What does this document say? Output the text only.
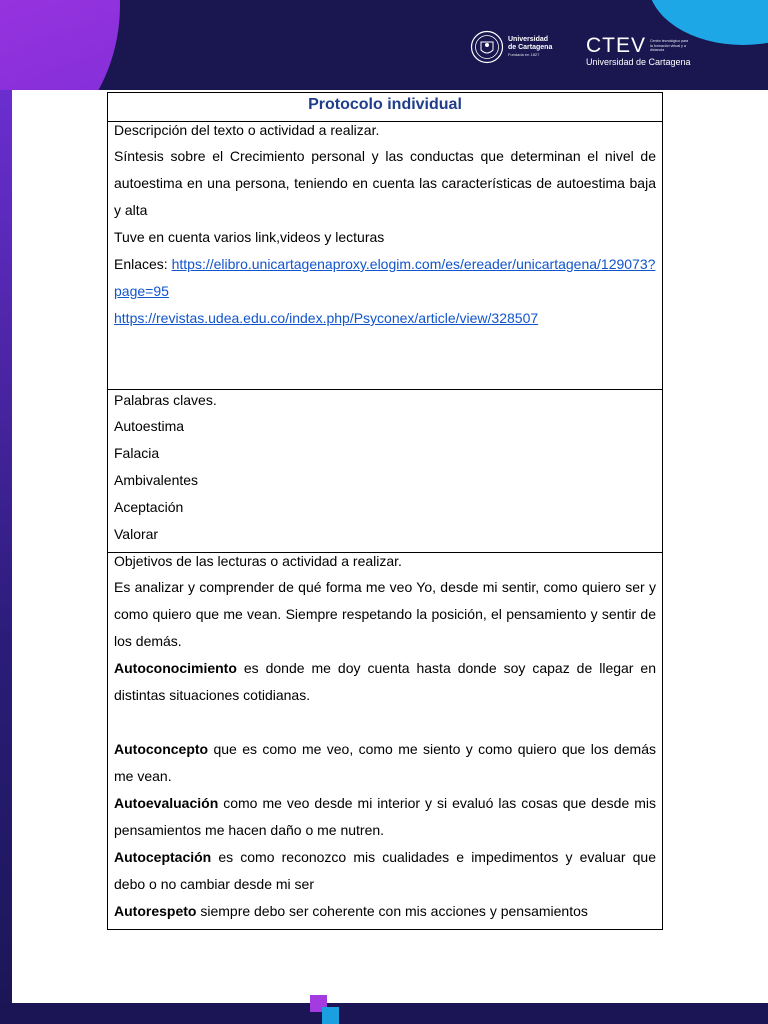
Universidad
de Cartagena
Fundada en 1827	CTEV Centro tecnológico para la formación virtual y a distancia
Universidad de Cartagena
Protocolo individual

Descripción del texto o actividad a realizar.

Síntesis sobre el Crecimiento personal y las conductas que determinan el nivel de autoestima en una persona, teniendo en cuenta las características de autoestima baja y alta

Tuve en cuenta varios link,videos y lecturas

Enlaces: https://elibro.unicartagenaproxy.elogim.com/es/ereader/unicartagena/129073?page=95

https://revistas.udea.edu.co/index.php/Psyconex/article/view/328507

Palabras claves.

Autoestima

Falacia

Ambivalentes

Aceptación

Valorar

Objetivos de las lecturas o actividad a realizar.

Es analizar y comprender de qué forma me veo Yo, desde mi sentir, como quiero ser y como quiero que me vean. Siempre respetando la posición, el pensamiento y sentir de los demás.

Autoconocimiento es donde me doy cuenta hasta donde soy capaz de llegar en distintas situaciones cotidianas.

Autoconcepto que es como me veo, como me siento y como quiero que los demás me vean.

Autoevaluación como me veo desde mi interior y si evaluó las cosas que desde mis pensamientos me hacen daño o me nutren.

Autoceptación es como reconozco mis cualidades e impedimentos y evaluar que debo o no cambiar desde mi ser

Autorespeto siempre debo ser coherente con mis acciones y pensamientos
